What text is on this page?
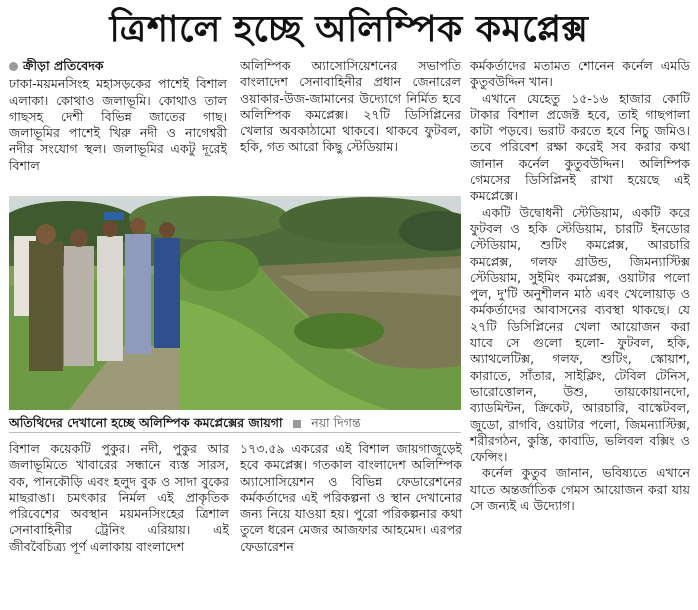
ত্রিশালে হচ্ছে অলিম্পিক কমপ্লেক্স
ক্রীড়া প্রতিবেদক

ঢাকা-ময়মনসিংহ মহাসড়কের পাশেই বিশাল এলাকা। কোথাও জলাভূমি। কোথাও তাল গাছসহ দেশী বিভিন্ন জাতের গাছ। জলাভূমির পাশেই খিরু নদী ও নাগেশ্বরী নদীর সংযোগ স্থল। জলাভূমির একটু দূরেই বিশাল

অলিম্পিক অ্যাসোসিয়েশনের সভাপতি বাংলাদেশ সেনাবাহিনীর প্রধান জেনারেল ওয়াকার-উজ-জামানের উদ্যোগে নির্মিত হবে অলিম্পিক কমপ্লেক্স। ২৭টি ডিসিপ্লিনের খেলার অবকাঠামো থাকবে। থাকবে ফুটবল, হকি, গত আরো কিছু স্টেডিয়াম।

কর্মকর্তাদের মতামত শোনেন কর্নেল এমডি কুতুবউদ্দিন খান।

এখানে যেহেতু ১৫-১৬ হাজার কোটি টাকার বিশাল প্রজেক্ট হবে, তাই গাছপালা কাটা পড়বে। ভরাট করতে হবে নিচু জমিও। তবে পরিবেশ রক্ষা করেই সব করার কথা জানান কর্নেল কুতুবউদ্দিন। অলিম্পিক গেমসের ডিসিপ্লিনই রাখা হয়েছে এই কমপ্লেক্সে।

একটি উদ্বোধনী স্টেডিয়াম, একটি করে ফুটবল ও হকি স্টেডিয়াম, চারটি ইনডোর স্টেডিয়াম, শুটিং কমপ্লেক্স, আরচারি কমপ্লেক্স, গলফ গ্রাউন্ড, জিমন্যাস্টিক্স স্টেডিয়াম, সুইমিং কমপ্লেক্স, ওয়াটার পলো পুল, দু'টি অনুশীলন মাঠ এবং খেলোয়াড় ও কর্মকর্তাদের আবাসনের ব্যবস্থা থাকছে। যে ২৭টি ডিসিপ্লিনের খেলা আয়োজন করা যাবে সে গুলো হলো- ফুটবল, হকি, অ্যাথলেটিক্স, গলফ, শুটিং, স্কোয়াশ, কারাতে, সাঁতার, সাইক্লিং, টেবিল টেনিস, ভারোত্তোলন, উশু, তায়কোয়ানদো, ব্যাডমিন্টন, ক্রিকেট, আরচারি, বাস্কেটবল, জুডো, রাগবি, ওয়াটার পলো, জিমন্যাস্টিক্স, শরীরগঠন, কুস্তি, কাবাডি, ভলিবল বক্সিং ও ফেন্সিং।

কর্নেল কুতুব জানান, ভবিষ্যতে এখানে যাতে অন্তর্জাতিক গেমস আয়োজন করা যায় সে জন্যই এ উদ্যোগ।

অতিথিদের দেখানো হচ্ছে অলিম্পিক কমপ্লেক্সের জায়গা নয়া দিগন্ত

বিশাল কয়েকটি পুকুর। নদী, পুকুর আর জলাভূমিতে খাবারের সন্ধানে ব্যস্ত সারস, বক, পানকৌড়ি এবং হলুদ বুক ও সাদা বুকের মাছরাঙা। চমৎকার নির্মল এই প্রাকৃতিক পরিবেশের অবস্থান ময়মনসিংহের ত্রিশাল সেনাবাহিনীর ট্রেনিং এরিয়ায়। এই জীববৈচিত্র্য পূর্ণ এলাকায় বাংলাদেশ

১৭৩.৫৯ একরের এই বিশাল জায়গাজুড়েই হবে কমপ্লেক্স। গতকাল বাংলাদেশ অলিম্পিক অ্যাসোসিয়েশন ও বিভিন্ন ফেডারেশনের কর্মকর্তাদের এই পরিকল্পনা ও স্থান দেখানোর জন্য নিয়ে যাওয়া হয়। পুরো পরিকল্পনার কথা তুলে ধরেন মেজর আজফার আহমেদ। এরপর ফেডারেশন
